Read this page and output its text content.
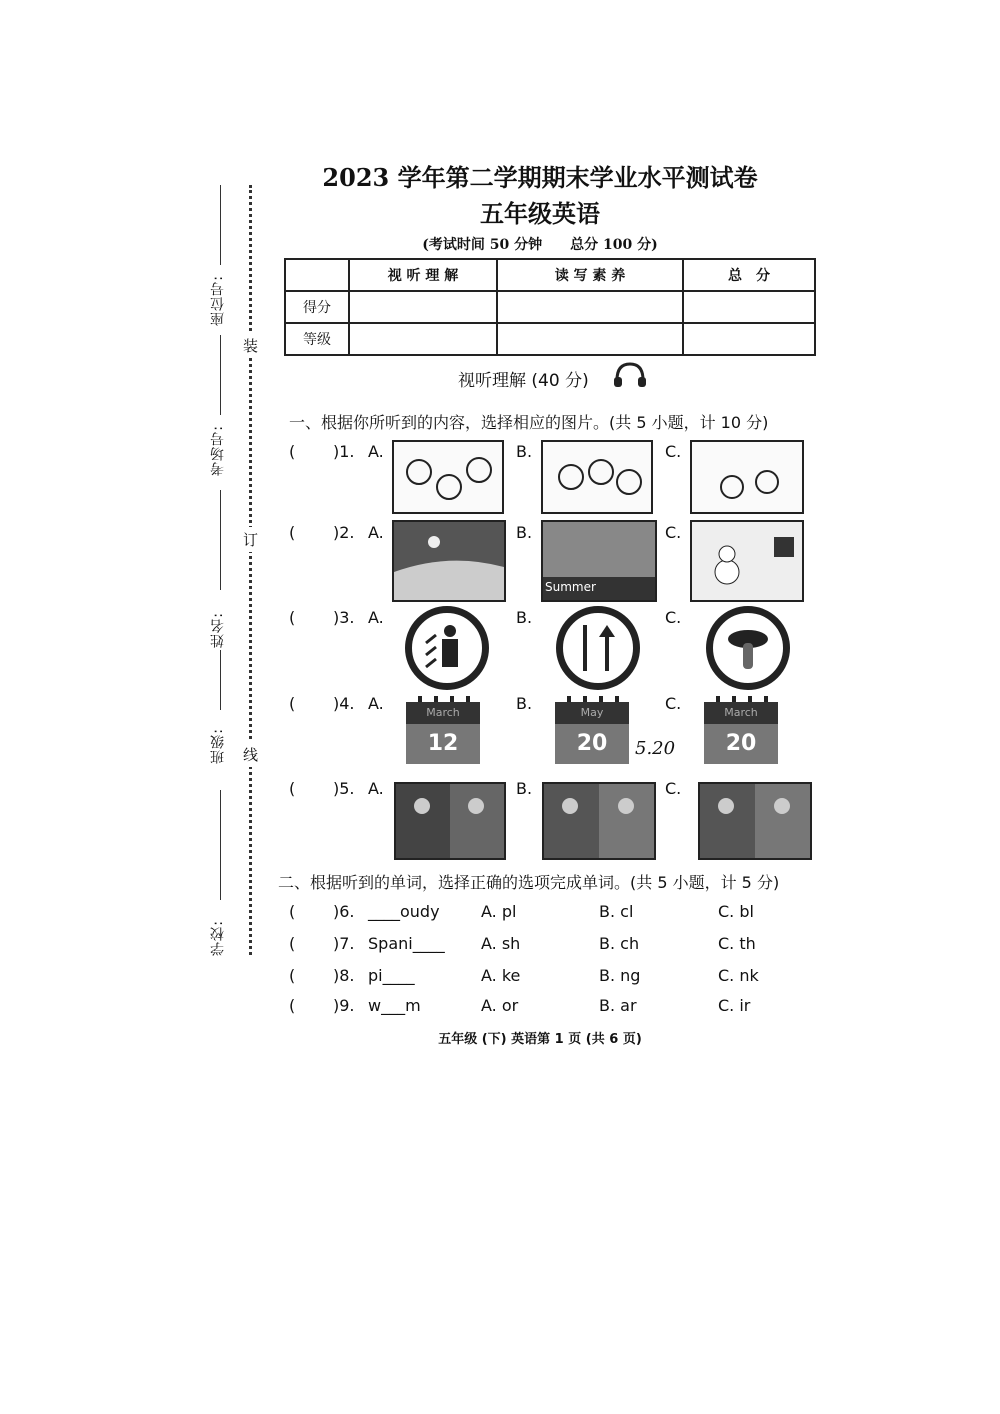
座位号:
考场号:
姓名:
班级:
学校:
装
订
线
2023 学年第二学期期末学业水平测试卷
五年级英语
(考试时间 50 分钟　　总分 100 分)
	视 听 理 解	读 写 素 养	总　分
得分			
等级			
视听理解 (40 分)
一、根据你所听到的内容，选择相应的图片。(共 5 小题，计 10 分)
( )1. A.	B.	C.
( )2. A.	B.	C.
Summer
( )3. A.	B.	C.
( )4. A.	B.	C.
March
12
May
20	5.20
March
20
( )5. A.	B.	C.
二、根据听到的单词，选择正确的选项完成单词。(共 5 小题，计 5 分)
( )6. ____oudy	A. pl	B. cl	C. bl
( )7. Spani____ A. sh	B. ch	C. th
( )8. pi____	A. ke	B. ng	C. nk
( )9. w___m	A. or	B. ar	C. ir
五年级 (下) 英语第 1 页 (共 6 页)
